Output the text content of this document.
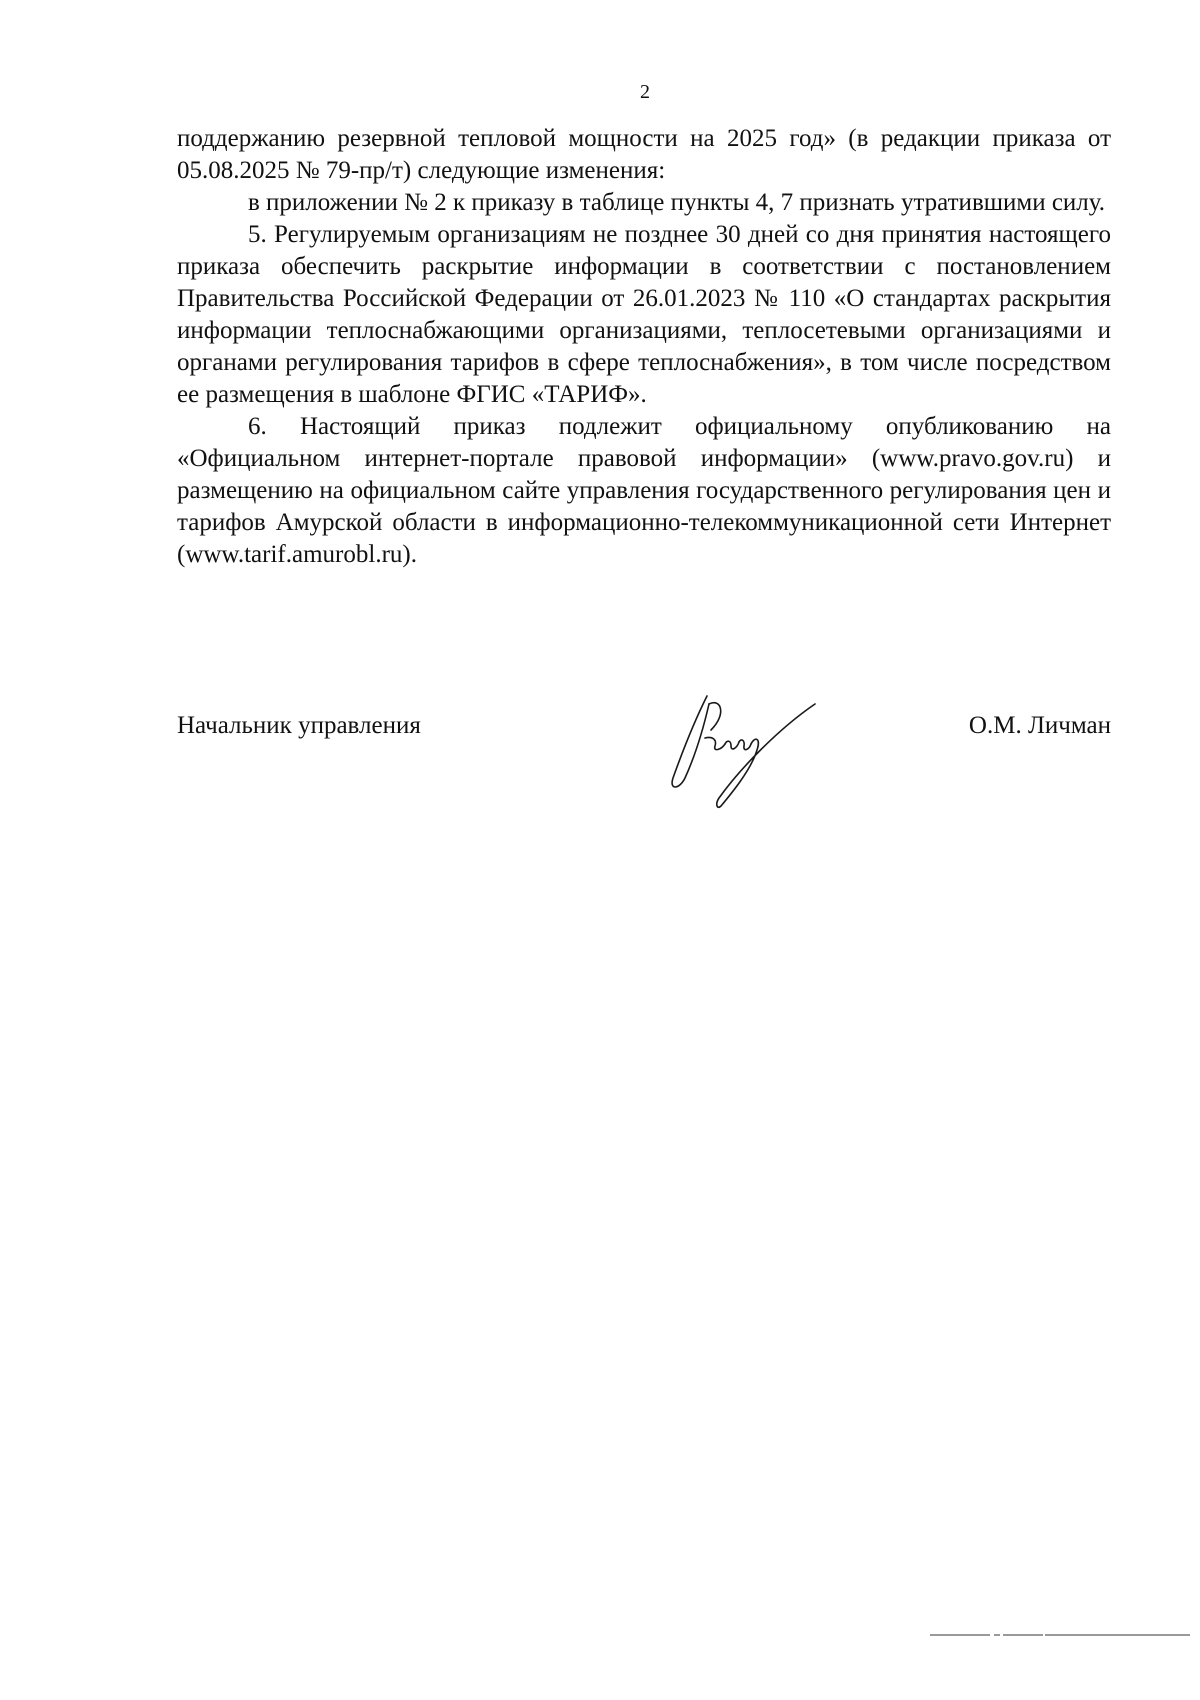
2

поддержанию резервной тепловой мощности на 2025 год» (в редакции приказа от 05.08.2025 № 79-пр/т) следующие изменения:

в приложении № 2 к приказу в таблице пункты 4, 7 признать утратившими силу.

5. Регулируемым организациям не позднее 30 дней со дня принятия настоящего приказа обеспечить раскрытие информации в соответствии с постановлением Правительства Российской Федерации от 26.01.2023 № 110 «О стандартах раскрытия информации теплоснабжающими организациями, теплосетевыми организациями и органами регулирования тарифов в сфере теплоснабжения», в том числе посредством ее размещения в шаблоне ФГИС «ТАРИФ».

6. Настоящий приказ подлежит официальному опубликованию на «Официальном интернет-портале правовой информации» (www.pravo.gov.ru) и размещению на официальном сайте управления государственного регулирования цен и тарифов Амурской области в информационно-телекоммуникационной сети Интернет (www.tarif.amurobl.ru).

Начальник управления	О.М. Личман
